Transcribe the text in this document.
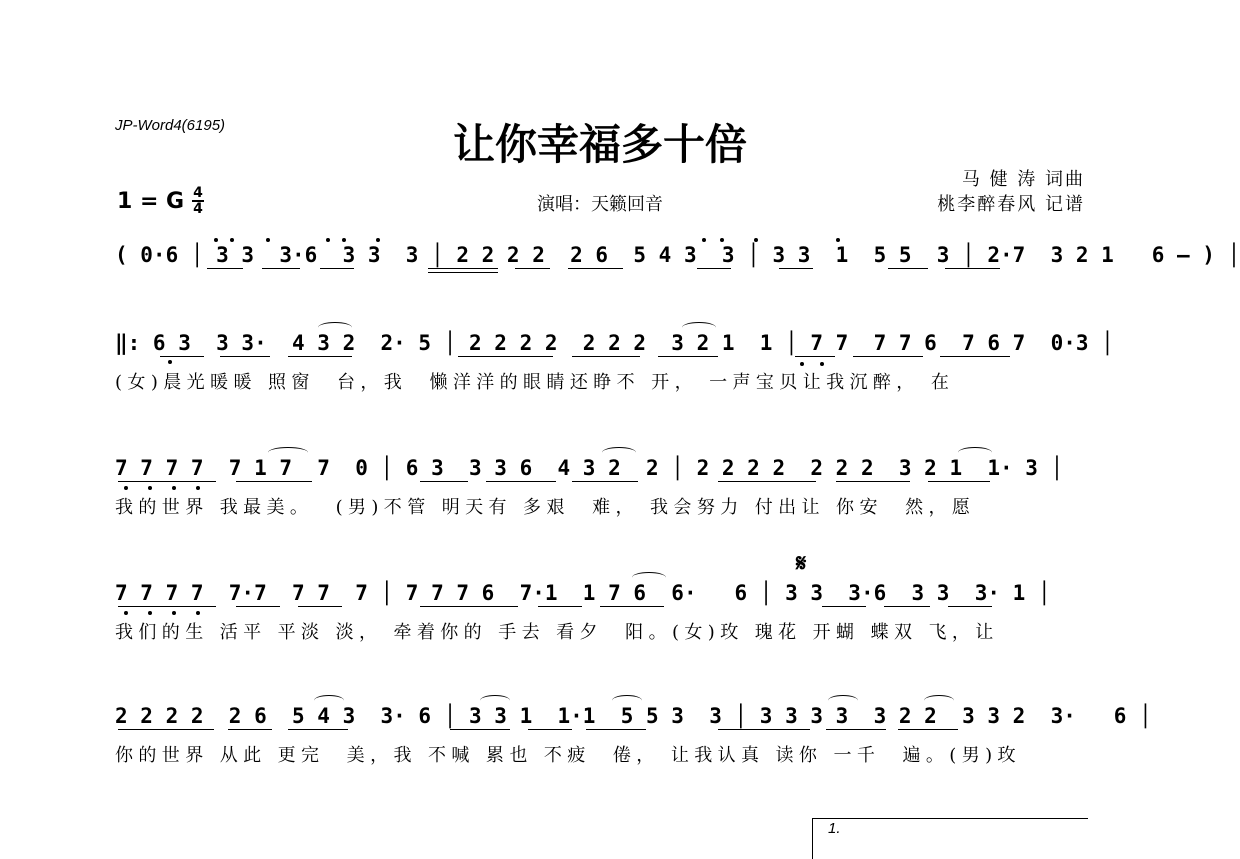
JP-Word4(6195)	让你幸福多十倍
马 健 涛 词曲
桃李醉春风 记谱
演唱：天籁回音
1 = G $\frac{4}{4}$
( 0·6 │ 3 3  3·6  3 3  3 │ 2 2 2 2  2 6  5 4 3  3 │ 3 3  1  5 5  3 │ 2·7  3 2 1   6 – ) │
‖: 6 3  3 3·  4 3 2  2· 5 │ 2 2 2 2  2 2 2  3 2 1  1 │ 7 7  7 7 6  7 6 7  0·3 │
(女)晨光暖暖 照窗  台，我  懒洋洋的眼睛还睁不 开， 一声宝贝让我沉醉， 在
7 7 7 7  7 1 7  7  0 │ 6 3  3 3 6  4 3 2  2 │ 2 2 2 2  2 2 2  3 2 1  1· 3 │
我的世界 我最美。  (男)不管 明天有 多艰  难， 我会努力 付出让 你安  然，愿
𝄋
7 7 7 7  7·7  7 7  7 │ 7 7 7 6  7·1  1 7 6  6·   6 │ 3 3  3·6  3 3  3· 1 │
我们的生 活平 平淡 淡， 牵着你的 手去 看夕  阳。(女)玫 瑰花 开蝴 蝶双 飞，让
2 2 2 2  2 6  5 4 3  3· 6 │ 3 3 1  1·1  5 5 3  3 │ 3 3 3 3  3 2 2  3 3 2  3·   6 │
你的世界 从此 更完  美，我 不喊 累也 不疲  倦， 让我认真 读你 一千  遍。(男)玫
1.
